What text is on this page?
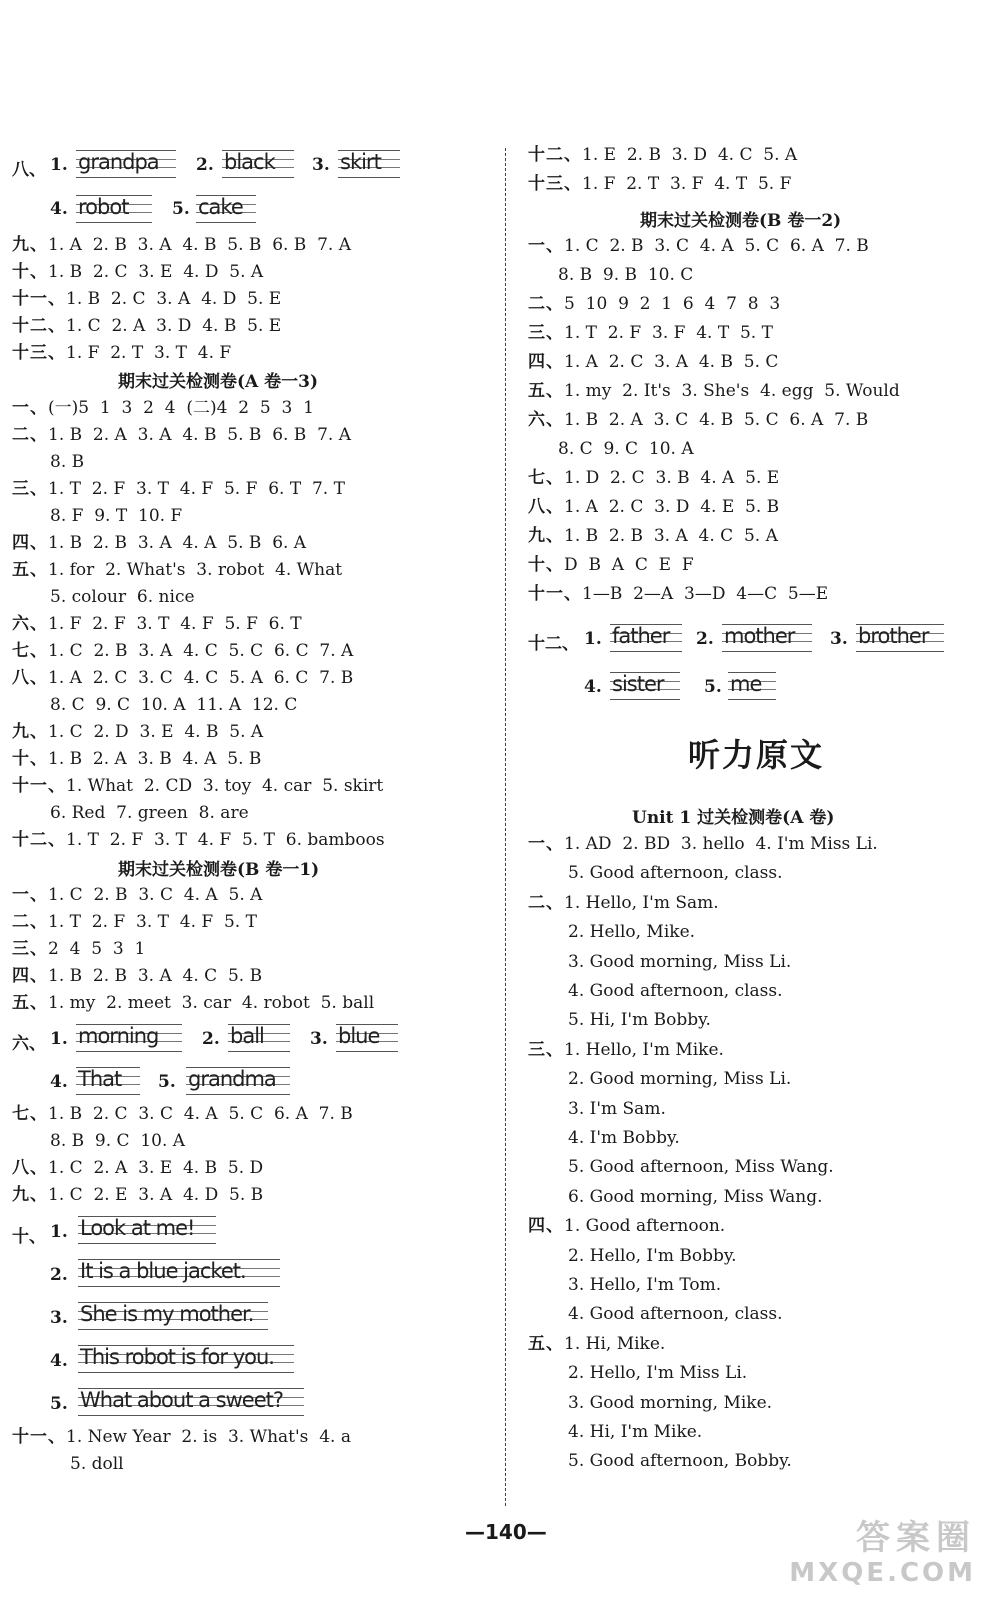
八、 1. grandpa	2. black	3. skirt
4. robot	5. cake
九、1. A  2. B  3. A  4. B  5. B  6. B  7. A
十、1. B  2. C  3. E  4. D  5. A
十一、1. B  2. C  3. A  4. D  5. E
十二、1. C  2. A  3. D  4. B  5. E
十三、1. F  2. T  3. T  4. F
期末过关检测卷(A 卷一3)
一、(一)5  1  3  2  4  (二)4  2  5  3  1
二、1. B  2. A  3. A  4. B  5. B  6. B  7. A
8. B
三、1. T  2. F  3. T  4. F  5. F  6. T  7. T
8. F  9. T  10. F
四、1. B  2. B  3. A  4. A  5. B  6. A
五、1. for  2. What's  3. robot  4. What
5. colour  6. nice
六、1. F  2. F  3. T  4. F  5. F  6. T
七、1. C  2. B  3. A  4. C  5. C  6. C  7. A
八、1. A  2. C  3. C  4. C  5. A  6. C  7. B
8. C  9. C  10. A  11. A  12. C
九、1. C  2. D  3. E  4. B  5. A
十、1. B  2. A  3. B  4. A  5. B
十一、1. What  2. CD  3. toy  4. car  5. skirt
6. Red  7. green  8. are
十二、1. T  2. F  3. T  4. F  5. T  6. bamboos
期末过关检测卷(B 卷一1)
一、1. C  2. B  3. C  4. A  5. A
二、1. T  2. F  3. T  4. F  5. T
三、2  4  5  3  1
四、1. B  2. B  3. A  4. C  5. B
五、1. my  2. meet  3. car  4. robot  5. ball
六、 1. morning	2. ball	3. blue
4. That	5. grandma
七、1. B  2. C  3. C  4. A  5. C  6. A  7. B
8. B  9. C  10. A
八、1. C  2. A  3. E  4. B  5. D
九、1. C  2. E  3. A  4. D  5. B
十、 1. Look at me!
2. It is a blue jacket.
3. She is my mother.
4. This robot is for you.
5. What about a sweet?
十一、1. New Year  2. is  3. What's  4. a
5. doll
十二、1. E  2. B  3. D  4. C  5. A
十三、1. F  2. T  3. F  4. T  5. F
期末过关检测卷(B 卷一2)
一、1. C  2. B  3. C  4. A  5. C  6. A  7. B
8. B  9. B  10. C
二、5  10  9  2  1  6  4  7  8  3
三、1. T  2. F  3. F  4. T  5. T
四、1. A  2. C  3. A  4. B  5. C
五、1. my  2. It's  3. She's  4. egg  5. Would
六、1. B  2. A  3. C  4. B  5. C  6. A  7. B
8. C  9. C  10. A
七、1. D  2. C  3. B  4. A  5. E
八、1. A  2. C  3. D  4. E  5. B
九、1. B  2. B  3. A  4. C  5. A
十、D  B  A  C  E  F
十一、1—B  2—A  3—D  4—C  5—E
十二、 1. father	2. mother	3. brother
4. sister	5. me
听力原文
Unit 1 过关检测卷(A 卷)
一、1. AD  2. BD  3. hello  4. I'm Miss Li.
5. Good afternoon, class.
二、1. Hello, I'm Sam.
2. Hello, Mike.
3. Good morning, Miss Li.
4. Good afternoon, class.
5. Hi, I'm Bobby.
三、1. Hello, I'm Mike.
2. Good morning, Miss Li.
3. I'm Sam.
4. I'm Bobby.
5. Good afternoon, Miss Wang.
6. Good morning, Miss Wang.
四、1. Good afternoon.
2. Hello, I'm Bobby.
3. Hello, I'm Tom.
4. Good afternoon, class.
五、1. Hi, Mike.
2. Hello, I'm Miss Li.
3. Good morning, Mike.
4. Hi, I'm Mike.
5. Good afternoon, Bobby.
—140—	答案圈
MXQE.COM
